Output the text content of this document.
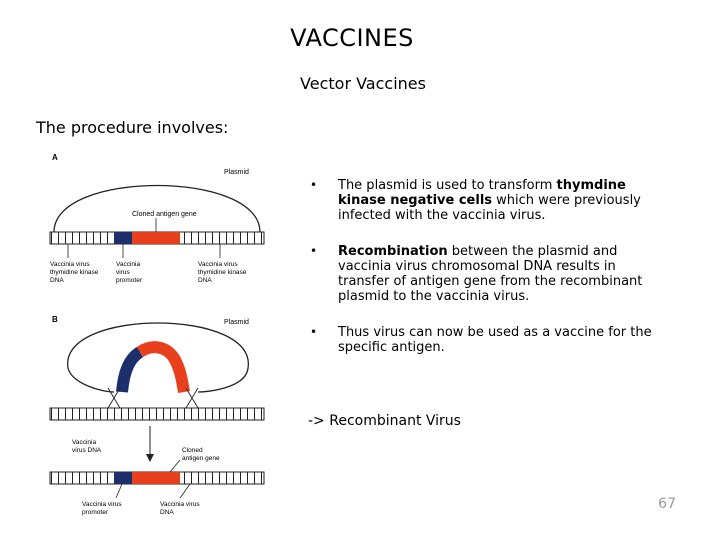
VACCINES
Vector Vaccines
The procedure involves:
A
Plasmid
Cloned antigen gene
Vaccinia virus thymidine kinase DNA
Vaccinia virus promoter
Vaccinia virus thymidine kinase DNA
B	Plasmid
Vaccinia virus DNA	Cloned antigen gene
Vaccinia virus promoter
Vaccinia virus DNA
•	The plasmid is used to transform thymdine kinase negative cells which were previously infected with the vaccinia virus.
•	Recombination between the plasmid and vaccinia virus chromosomal DNA results in transfer of antigen gene from the recombinant plasmid to the vaccinia virus.
•	Thus virus can now be used as a vaccine for the specific antigen.
-> Recombinant Virus
67
